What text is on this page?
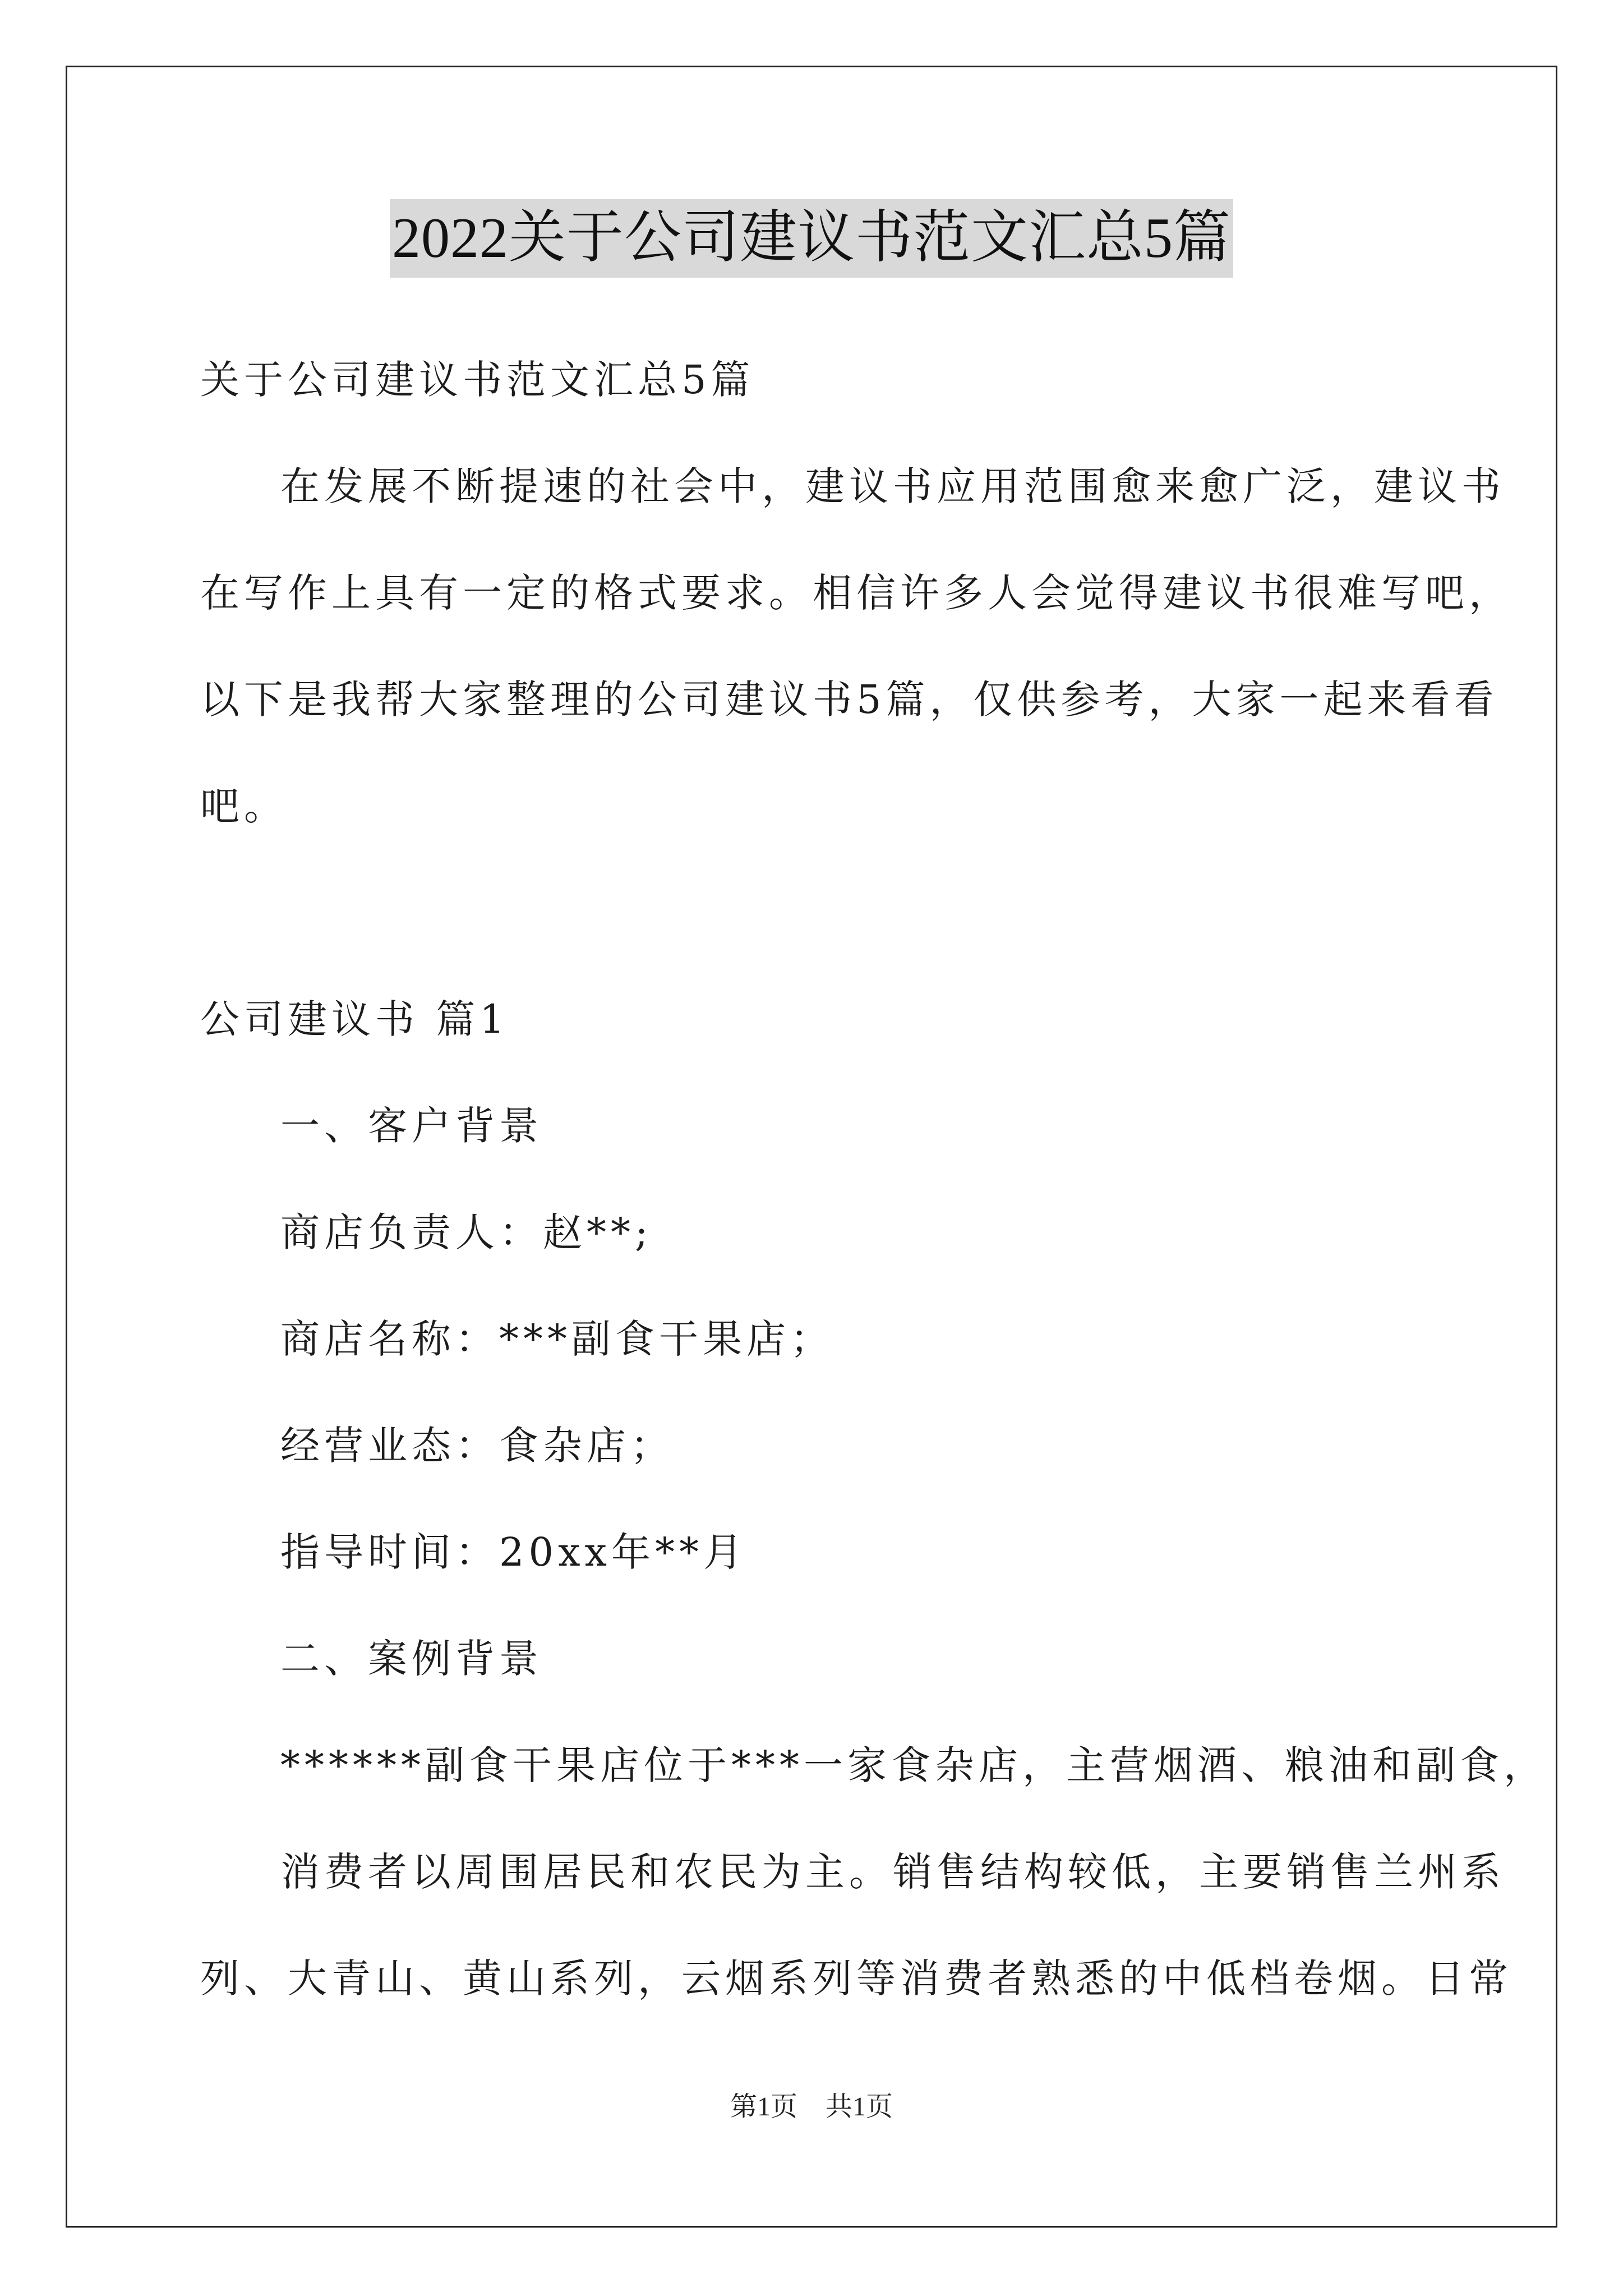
2022关于公司建议书范文汇总5篇
关于公司建议书范文汇总5篇
在发展不断提速的社会中，建议书应用范围愈来愈广泛，建议书
在写作上具有一定的格式要求。相信许多人会觉得建议书很难写吧，
以下是我帮大家整理的公司建议书5篇，仅供参考，大家一起来看看
吧。
公司建议书 篇1
一、客户背景
商店负责人：赵**;
商店名称：***副食干果店；
经营业态：食杂店；
指导时间：20xx年**月
二、案例背景
******副食干果店位于***一家食杂店，主营烟酒、粮油和副食，
消费者以周围居民和农民为主。销售结构较低，主要销售兰州系
列、大青山、黄山系列，云烟系列等消费者熟悉的中低档卷烟。日常
第1页 共1页
